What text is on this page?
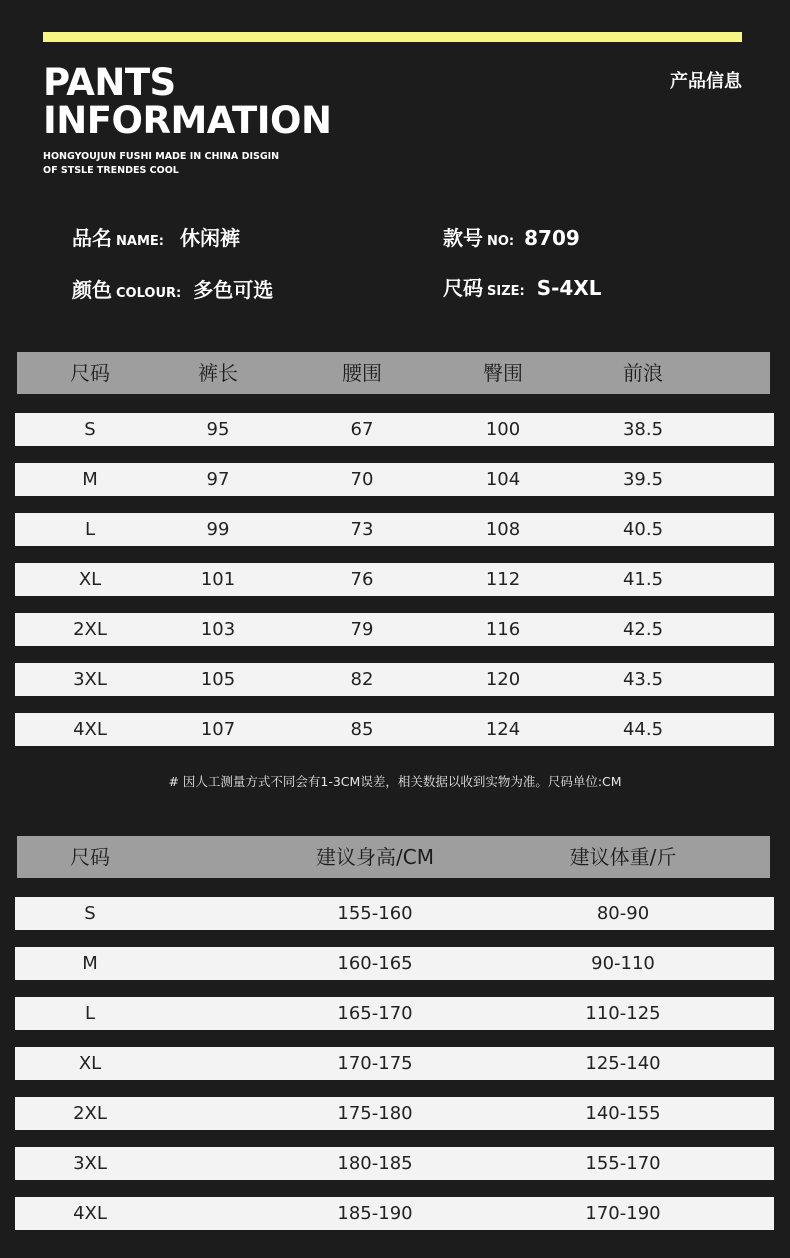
PANTS
INFORMATION
HONGYOUJUN FUSHI MADE IN CHINA DISGIN
OF STSLE TRENDES COOL
产品信息
品名 NAME: 休闲裤	款号 NO: 8709
颜色 COLOUR: 多色可选	尺码 SIZE: S-4XL
尺码	裤长	腰围	臀围	前浪
S	95	67	100	38.5
M	97	70	104	39.5
L	99	73	108	40.5
XL	101	76	112	41.5
2XL	103	79	116	42.5
3XL	105	82	120	43.5
4XL	107	85	124	44.5
# 因人工测量方式不同会有1-3CM误差，相关数据以收到实物为准。尺码单位:CM
尺码	建议身高/CM	建议体重/斤
S	155-160	80-90
M	160-165	90-110
L	165-170	110-125
XL	170-175	125-140
2XL	175-180	140-155
3XL	180-185	155-170
4XL	185-190	170-190
